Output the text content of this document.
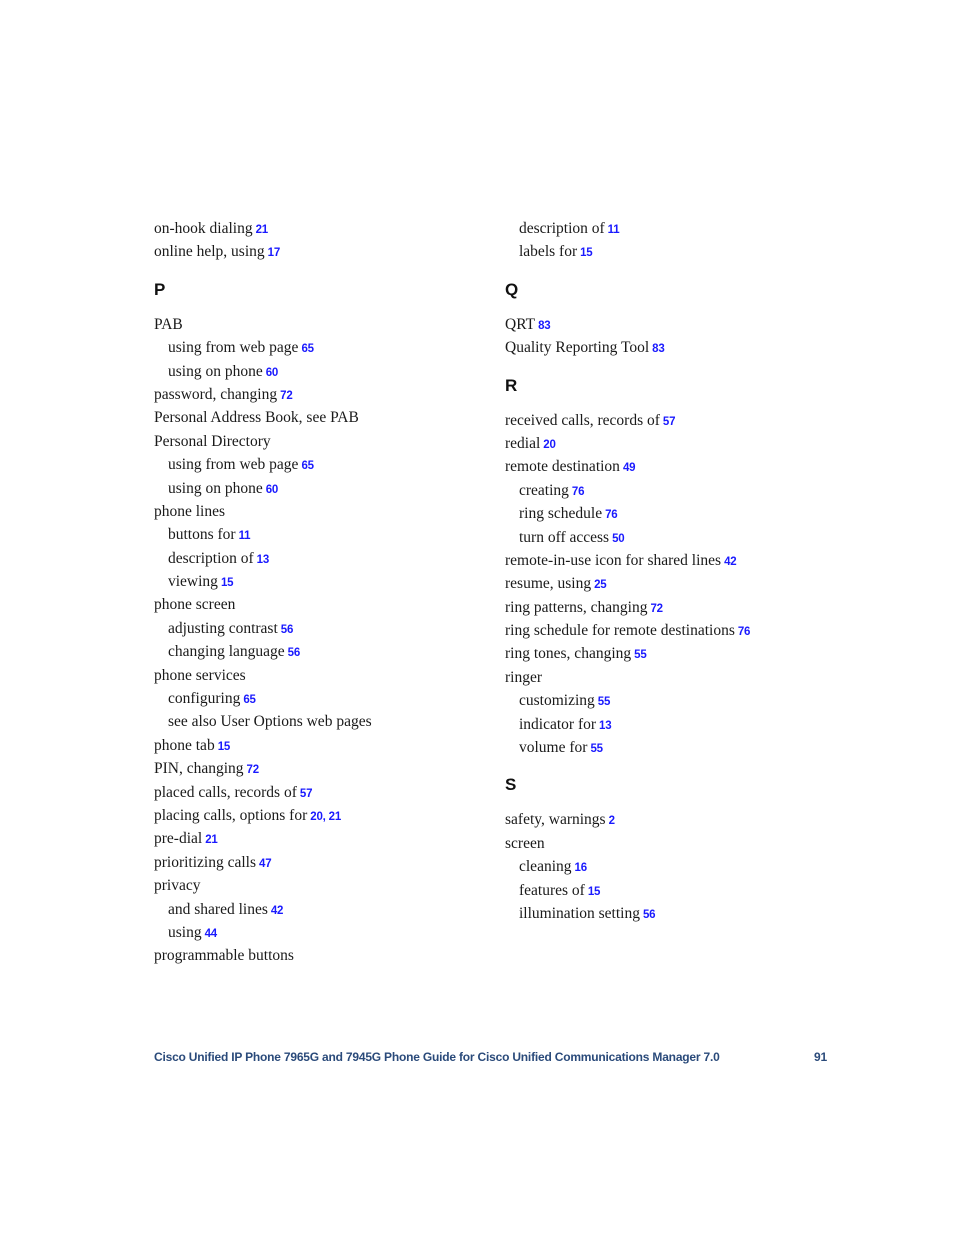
on-hook dialing 21
online help, using 17
P
PAB
using from web page 65
using on phone 60
password, changing 72
Personal Address Book, see PAB
Personal Directory
using from web page 65
using on phone 60
phone lines
buttons for 11
description of 13
viewing 15
phone screen
adjusting contrast 56
changing language 56
phone services
configuring 65
see also User Options web pages
phone tab 15
PIN, changing 72
placed calls, records of 57
placing calls, options for 20, 21
pre-dial 21
prioritizing calls 47
privacy
and shared lines 42
using 44
programmable buttons
description of 11
labels for 15
Q
QRT 83
Quality Reporting Tool 83
R
received calls, records of 57
redial 20
remote destination 49
creating 76
ring schedule 76
turn off access 50
remote-in-use icon for shared lines 42
resume, using 25
ring patterns, changing 72
ring schedule for remote destinations 76
ring tones, changing 55
ringer
customizing 55
indicator for 13
volume for 55
S
safety, warnings 2
screen
cleaning 16
features of 15
illumination setting 56
Cisco Unified IP Phone 7965G and 7945G Phone Guide for Cisco Unified Communications Manager 7.0	91
